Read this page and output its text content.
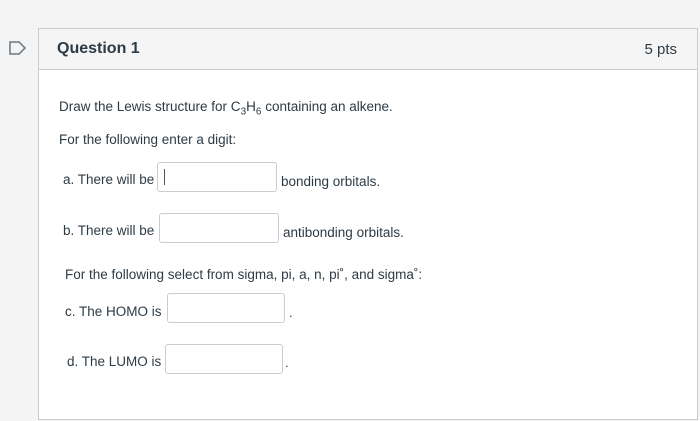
Question 1	5 pts
Draw the Lewis structure for $C_3H_6$ containing an alkene.
For the following enter a digit:
a. There will be	bonding orbitals.
b. There will be	antibonding orbitals.
For the following select from sigma, pi, a, n, pi˚, and sigma˚:
c. The HOMO is	.
d. The LUMO is	.
